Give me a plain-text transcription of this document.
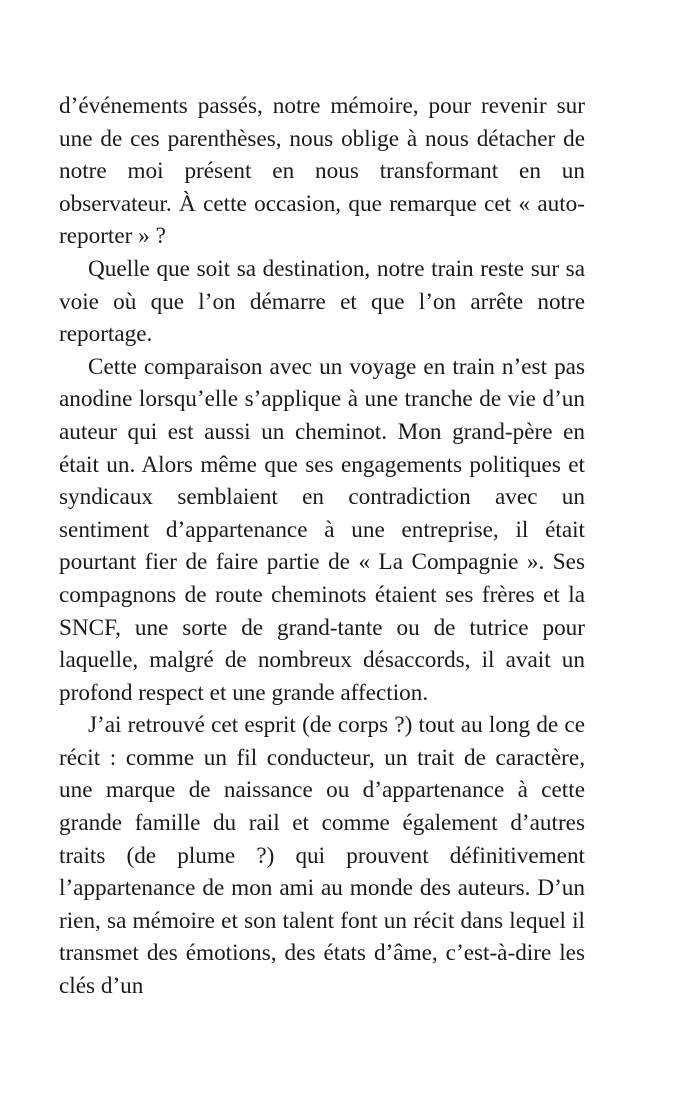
d’événements passés, notre mémoire, pour revenir sur une de ces parenthèses, nous oblige à nous détacher de notre moi présent en nous transformant en un observateur. À cette occasion, que remarque cet « auto-reporter » ?

Quelle que soit sa destination, notre train reste sur sa voie où que l’on démarre et que l’on arrête notre reportage.

Cette comparaison avec un voyage en train n’est pas anodine lorsqu’elle s’applique à une tranche de vie d’un auteur qui est aussi un cheminot. Mon grand-père en était un. Alors même que ses engagements politiques et syndicaux semblaient en contradiction avec un sentiment d’appartenance à une entreprise, il était pourtant fier de faire partie de « La Compagnie ». Ses compagnons de route cheminots étaient ses frères et la SNCF, une sorte de grand-tante ou de tutrice pour laquelle, malgré de nombreux désaccords, il avait un profond respect et une grande affection.

J’ai retrouvé cet esprit (de corps ?) tout au long de ce récit : comme un fil conducteur, un trait de caractère, une marque de naissance ou d’appartenance à cette grande famille du rail et comme également d’autres traits (de plume ?) qui prouvent définitivement l’appartenance de mon ami au monde des auteurs. D’un rien, sa mémoire et son talent font un récit dans lequel il transmet des émotions, des états d’âme, c’est-à-dire les clés d’un
